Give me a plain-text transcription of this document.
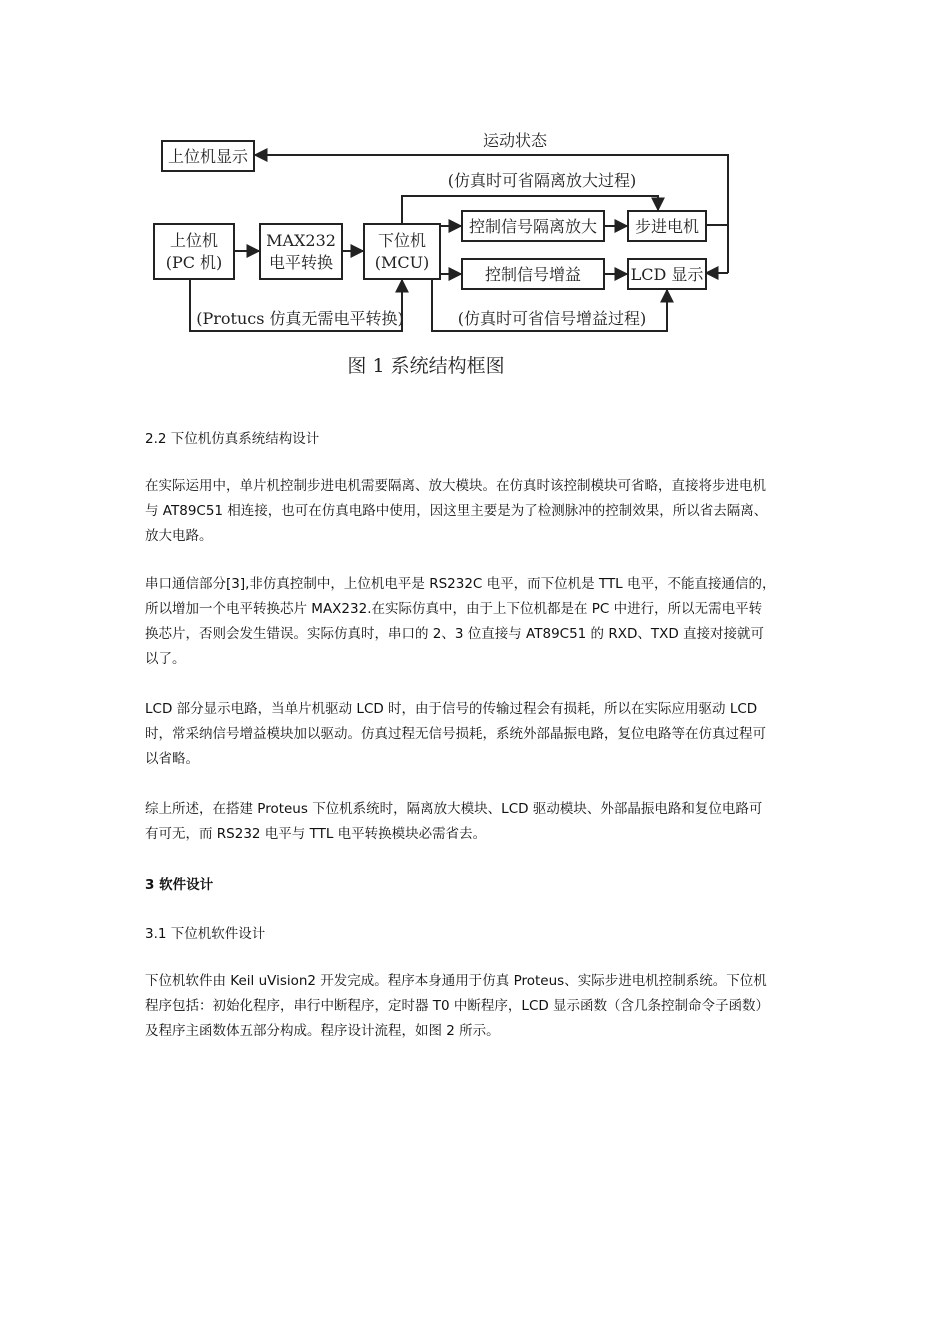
运动状态
上位机显示
上位机
(PC 机)
MAX232
电平转换
下位机
(MCU)
控制信号隔离放大 步进电机
控制信号增益	LCD 显示
(仿真时可省隔离放大过程)
(Protucs 仿真无需电平转换)	(仿真时可省信号增益过程)
图 1 系统结构框图
2.2 下位机仿真系统结构设计
在实际运用中，单片机控制步进电机需要隔离、放大模块。在仿真时该控制模块可省略，直接将步进电机
与 AT89C51 相连接，也可在仿真电路中使用，因这里主要是为了检测脉冲的控制效果，所以省去隔离、
放大电路。
串口通信部分[3],非仿真控制中，上位机电平是 RS232C 电平，而下位机是 TTL 电平，不能直接通信的，
所以增加一个电平转换芯片 MAX232.在实际仿真中，由于上下位机都是在 PC 中进行，所以无需电平转
换芯片，否则会发生错误。实际仿真时，串口的 2、3 位直接与 AT89C51 的 RXD、TXD 直接对接就可
以了。
LCD 部分显示电路，当单片机驱动 LCD 时，由于信号的传输过程会有损耗，所以在实际应用驱动 LCD
时，常采纳信号增益模块加以驱动。仿真过程无信号损耗，系统外部晶振电路，复位电路等在仿真过程可
以省略。
综上所述，在搭建 Proteus 下位机系统时，隔离放大模块、LCD 驱动模块、外部晶振电路和复位电路可
有可无，而 RS232 电平与 TTL 电平转换模块必需省去。
3 软件设计
3.1 下位机软件设计
下位机软件由 Keil uVision2 开发完成。程序本身通用于仿真 Proteus、实际步进电机控制系统。下位机
程序包括：初始化程序，串行中断程序，定时器 T0 中断程序，LCD 显示函数（含几条控制命令子函数）
及程序主函数体五部分构成。程序设计流程，如图 2 所示。
